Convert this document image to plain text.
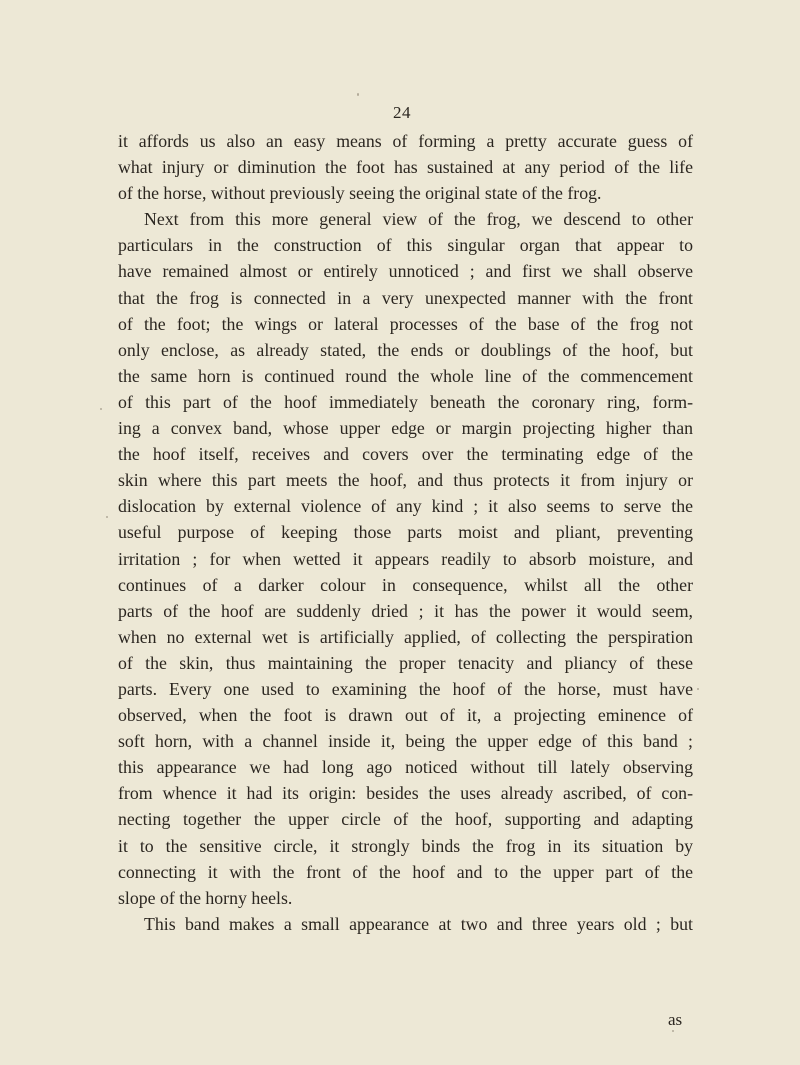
24
it affords us also an easy means of forming a pretty accurate guess of
what injury or diminution the foot has sustained at any period of the life
of the horse, without previously seeing the original state of the frog.
Next from this more general view of the frog, we descend to other
particulars in the construction of this singular organ that appear to
have remained almost or entirely unnoticed ; and first we shall observe
that the frog is connected in a very unexpected manner with the front
of the foot; the wings or lateral processes of the base of the frog not
only enclose, as already stated, the ends or doublings of the hoof, but
the same horn is continued round the whole line of the commencement
of this part of the hoof immediately beneath the coronary ring, form-
ing a convex band, whose upper edge or margin projecting higher than
the hoof itself, receives and covers over the terminating edge of the
skin where this part meets the hoof, and thus protects it from injury or
dislocation by external violence of any kind ; it also seems to serve the
useful purpose of keeping those parts moist and pliant, preventing
irritation ; for when wetted it appears readily to absorb moisture, and
continues of a darker colour in consequence, whilst all the other
parts of the hoof are suddenly dried ; it has the power it would seem,
when no external wet is artificially applied, of collecting the perspiration
of the skin, thus maintaining the proper tenacity and pliancy of these
parts. Every one used to examining the hoof of the horse, must have
observed, when the foot is drawn out of it, a projecting eminence of
soft horn, with a channel inside it, being the upper edge of this band ;
this appearance we had long ago noticed without till lately observing
from whence it had its origin: besides the uses already ascribed, of con-
necting together the upper circle of the hoof, supporting and adapting
it to the sensitive circle, it strongly binds the frog in its situation by
connecting it with the front of the hoof and to the upper part of the
slope of the horny heels.
This band makes a small appearance at two and three years old ; but
as
